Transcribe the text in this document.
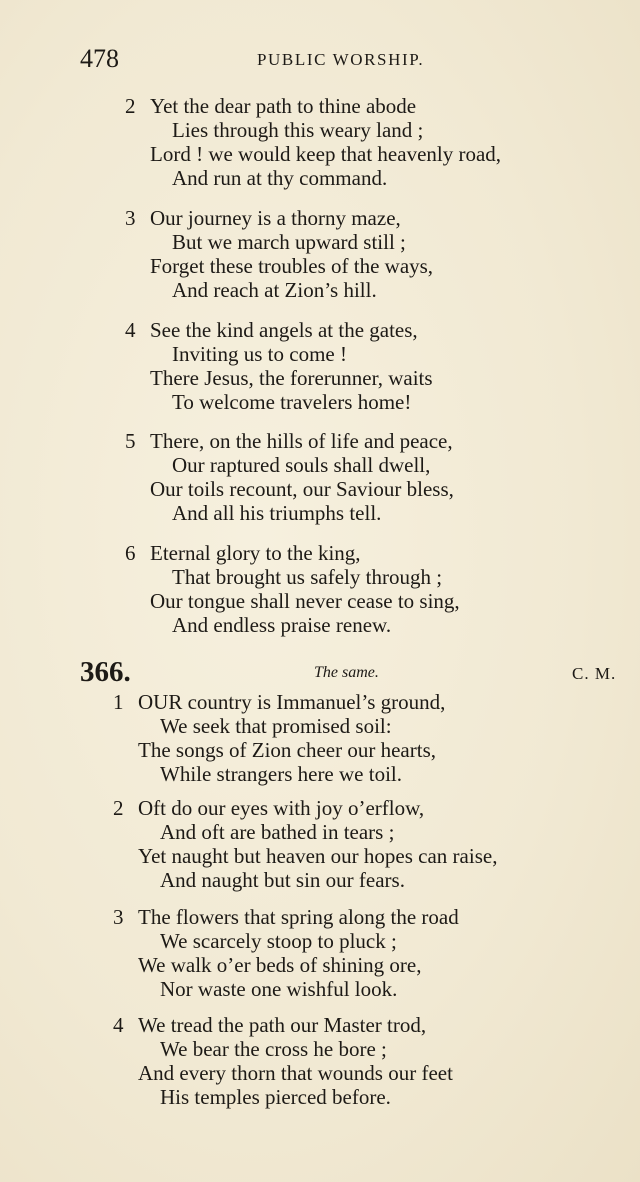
478	PUBLIC WORSHIP.
2 Yet the dear path to thine abode
Lies through this weary land ;
Lord ! we would keep that heavenly road,
And run at thy command.
3 Our journey is a thorny maze,
But we march upward still ;
Forget these troubles of the ways,
And reach at Zion’s hill.
4 See the kind angels at the gates,
Inviting us to come !
There Jesus, the forerunner, waits
To welcome travelers home!
5 There, on the hills of life and peace,
Our raptured souls shall dwell,
Our toils recount, our Saviour bless,
And all his triumphs tell.
6 Eternal glory to the king,
That brought us safely through ;
Our tongue shall never cease to sing,
And endless praise renew.
366.	The same.	C. M.
1 OUR country is Immanuel’s ground,
We seek that promised soil:
The songs of Zion cheer our hearts,
While strangers here we toil.
2 Oft do our eyes with joy o’erflow,
And oft are bathed in tears ;
Yet naught but heaven our hopes can raise,
And naught but sin our fears.
3 The flowers that spring along the road
We scarcely stoop to pluck ;
We walk o’er beds of shining ore,
Nor waste one wishful look.
4 We tread the path our Master trod,
We bear the cross he bore ;
And every thorn that wounds our feet
His temples pierced before.
